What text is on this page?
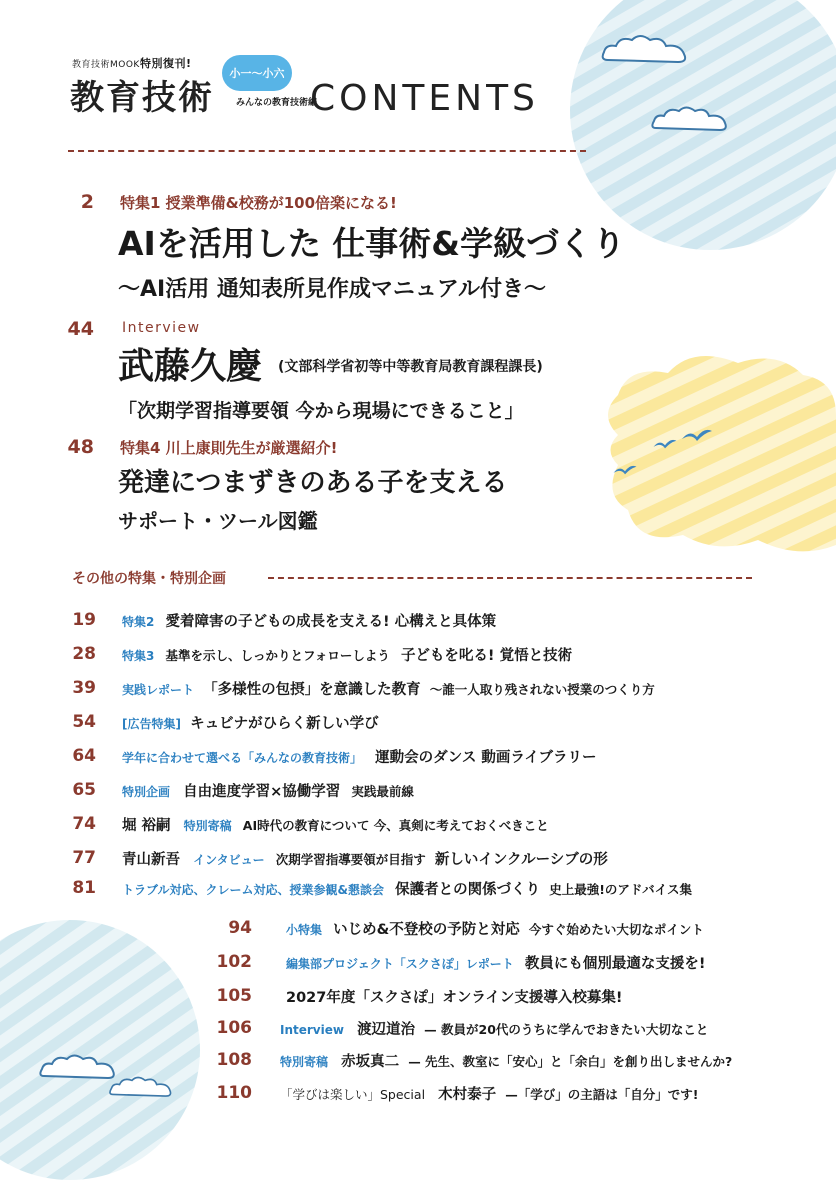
教育技術MOOK 特別復刊!
教育技術
小一〜小六
みんなの教育技術編
CONTENTS
2 特集1 授業準備&校務が100倍楽になる!
AIを活用した 仕事術&学級づくり
〜AI活用 通知表所見作成マニュアル付き〜
44 Interview
武藤久慶 (文部科学省初等中等教育局教育課程課長)
「次期学習指導要領 今から現場にできること」
48 特集4 川上康則先生が厳選紹介!
発達につまずきのある子を支える
サポート・ツール図鑑
その他の特集・特別企画
19 特集2 愛着障害の子どもの成長を支える! 心構えと具体策
28 特集3 基準を示し、しっかりとフォローしよう 子どもを叱る! 覚悟と技術
39 実践レポート 「多様性の包摂」を意識した教育 〜誰一人取り残されない授業のつくり方
54 [広告特集] キュビナがひらく新しい学び
64 学年に合わせて選べる「みんなの教育技術」 運動会のダンス 動画ライブラリー
65 特別企画 自由進度学習×協働学習 実践最前線
74 堀 裕嗣 特別寄稿 AI時代の教育について 今、真剣に考えておくべきこと
77 青山新吾 インタビュー 次期学習指導要領が目指す 新しいインクルーシブの形
81 トラブル対応、クレーム対応、授業参観&懇談会 保護者との関係づくり 史上最強!のアドバイス集
94	小特集 いじめ&不登校の予防と対応 今すぐ始めたい大切なポイント
102	編集部プロジェクト「スクさぽ」レポート 教員にも個別最適な支援を!
105 2027年度「スクさぽ」オンライン支援導入校募集!
106 Interview 渡辺道治 — 教員が20代のうちに学んでおきたい大切なこと
108 特別寄稿 赤坂真二 — 先生、教室に「安心」と「余白」を創り出しませんか?
110 「学びは楽しい」Special 木村泰子 —「学び」の主語は「自分」です!
